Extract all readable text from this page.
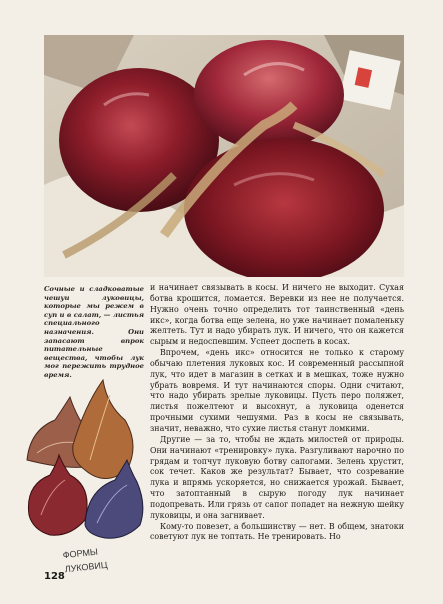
Сочные и сладковатые чешуи луковицы, которые мы режем в суп и в салат, — листья специального назначения. Они запасают впрок питательные вещества, чтобы лук мог пережить трудное время.
ФОРМЫ
ЛУКОВИЦ

и начинает связывать в косы. И ничего не выходит. Сухая ботва крошится, ломается. Веревки из нее не получается. Нужно очень точно определить тот таинственный «день икс», когда ботва еще зелена, но уже начинает помаленьку желтеть. Тут и надо убирать лук. И ничего, что он кажется сырым и недоспевшим. Успеет доспеть в косах.

Впрочем, «день икс» относится не только к старому обычаю плетения луковых кос. И современный рассыпной лук, что идет в магазин в сетках и в мешках, тоже нужно убрать вовремя. И тут начинаются споры. Одни считают, что надо убирать зрелые луковицы. Пусть перо поляжет, листья пожелтеют и высохнут, а луковица оденется прочными сухими чешуями. Раз в косы не связывать, значит, неважно, что сухие листья станут ломкими.

Другие — за то, чтобы не ждать милостей от природы. Они начинают «тренировку» лука. Разгуливают нарочно по грядам и топчут луковую ботву сапогами. Зелень хрустит, сок течет. Каков же результат? Бывает, что созревание лука и впрямь ускоряется, но снижается урожай. Бывает, что затоптанный в сырую погоду лук начинает подопревать. Или грязь от сапог попадет на нежную шейку луковицы, и она загнивает.

Кому-то повезет, а большинству — нет. В общем, знатоки советуют лук не топтать. Не тренировать. Но

128
